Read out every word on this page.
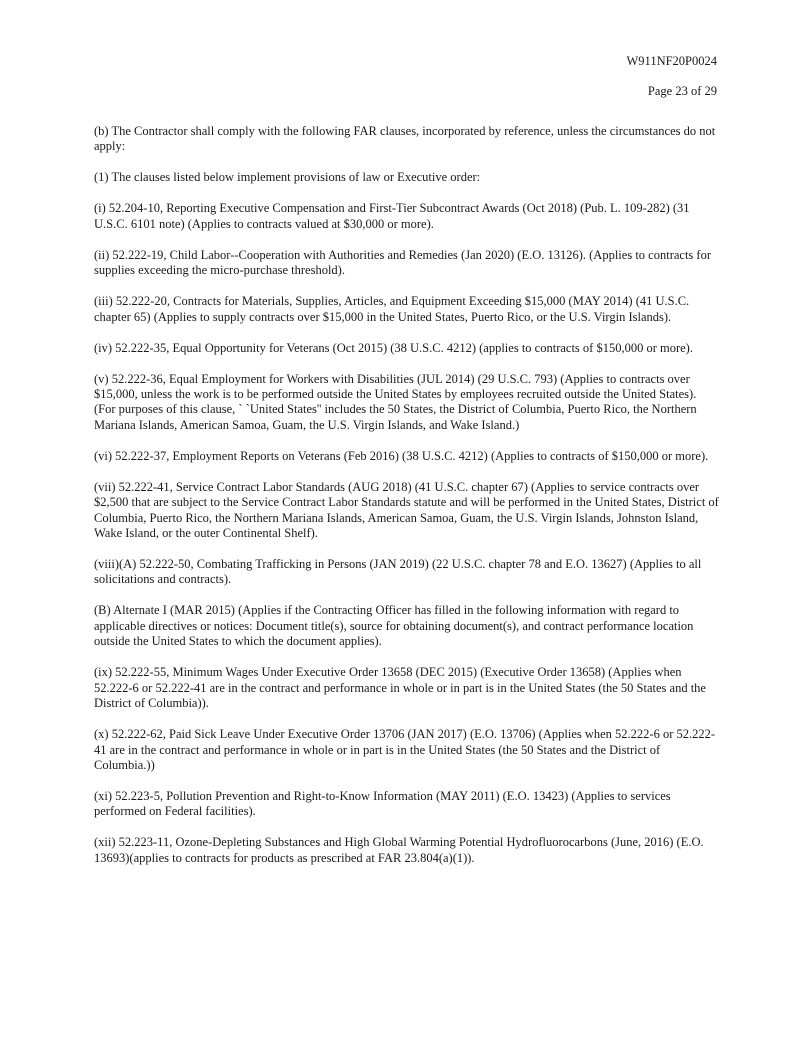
W911NF20P0024
Page 23 of 29

(b) The Contractor shall comply with the following FAR clauses, incorporated by reference, unless the circumstances do not apply:

(1) The clauses listed below implement provisions of law or Executive order:

(i) 52.204-10, Reporting Executive Compensation and First-Tier Subcontract Awards (Oct 2018) (Pub. L. 109-282) (31 U.S.C. 6101 note) (Applies to contracts valued at $30,000 or more).

(ii) 52.222-19, Child Labor--Cooperation with Authorities and Remedies (Jan 2020) (E.O. 13126). (Applies to contracts for supplies exceeding the micro-purchase threshold).

(iii) 52.222-20, Contracts for Materials, Supplies, Articles, and Equipment Exceeding $15,000 (MAY 2014) (41 U.S.C. chapter 65) (Applies to supply contracts over $15,000 in the United States, Puerto Rico, or the U.S. Virgin Islands).

(iv) 52.222-35, Equal Opportunity for Veterans (Oct 2015) (38 U.S.C. 4212) (applies to contracts of $150,000 or more).

(v) 52.222-36, Equal Employment for Workers with Disabilities (JUL 2014) (29 U.S.C. 793) (Applies to contracts over $15,000, unless the work is to be performed outside the United States by employees recruited outside the United States). (For purposes of this clause, ` `United States'' includes the 50 States, the District of Columbia, Puerto Rico, the Northern Mariana Islands, American Samoa, Guam, the U.S. Virgin Islands, and Wake Island.)

(vi) 52.222-37, Employment Reports on Veterans (Feb 2016) (38 U.S.C. 4212) (Applies to contracts of $150,000 or more).

(vii) 52.222-41, Service Contract Labor Standards (AUG 2018) (41 U.S.C. chapter 67) (Applies to service contracts over $2,500 that are subject to the Service Contract Labor Standards statute and will be performed in the United States, District of Columbia, Puerto Rico, the Northern Mariana Islands, American Samoa, Guam, the U.S. Virgin Islands, Johnston Island, Wake Island, or the outer Continental Shelf).

(viii)(A) 52.222-50, Combating Trafficking in Persons (JAN 2019) (22 U.S.C. chapter 78 and E.O. 13627) (Applies to all solicitations and contracts).

(B) Alternate I (MAR 2015) (Applies if the Contracting Officer has filled in the following information with regard to applicable directives or notices: Document title(s), source for obtaining document(s), and contract performance location outside the United States to which the document applies).

(ix) 52.222-55, Minimum Wages Under Executive Order 13658 (DEC 2015) (Executive Order 13658) (Applies when 52.222-6 or 52.222-41 are in the contract and performance in whole or in part is in the United States (the 50 States and the District of Columbia)).

(x) 52.222-62, Paid Sick Leave Under Executive Order 13706 (JAN 2017) (E.O. 13706) (Applies when 52.222-6 or 52.222-41 are in the contract and performance in whole or in part is in the United States (the 50 States and the District of Columbia.))

(xi) 52.223-5, Pollution Prevention and Right-to-Know Information (MAY 2011) (E.O. 13423) (Applies to services performed on Federal facilities).

(xii) 52.223-11, Ozone-Depleting Substances and High Global Warming Potential Hydrofluorocarbons (June, 2016) (E.O. 13693)(applies to contracts for products as prescribed at FAR 23.804(a)(1)).
